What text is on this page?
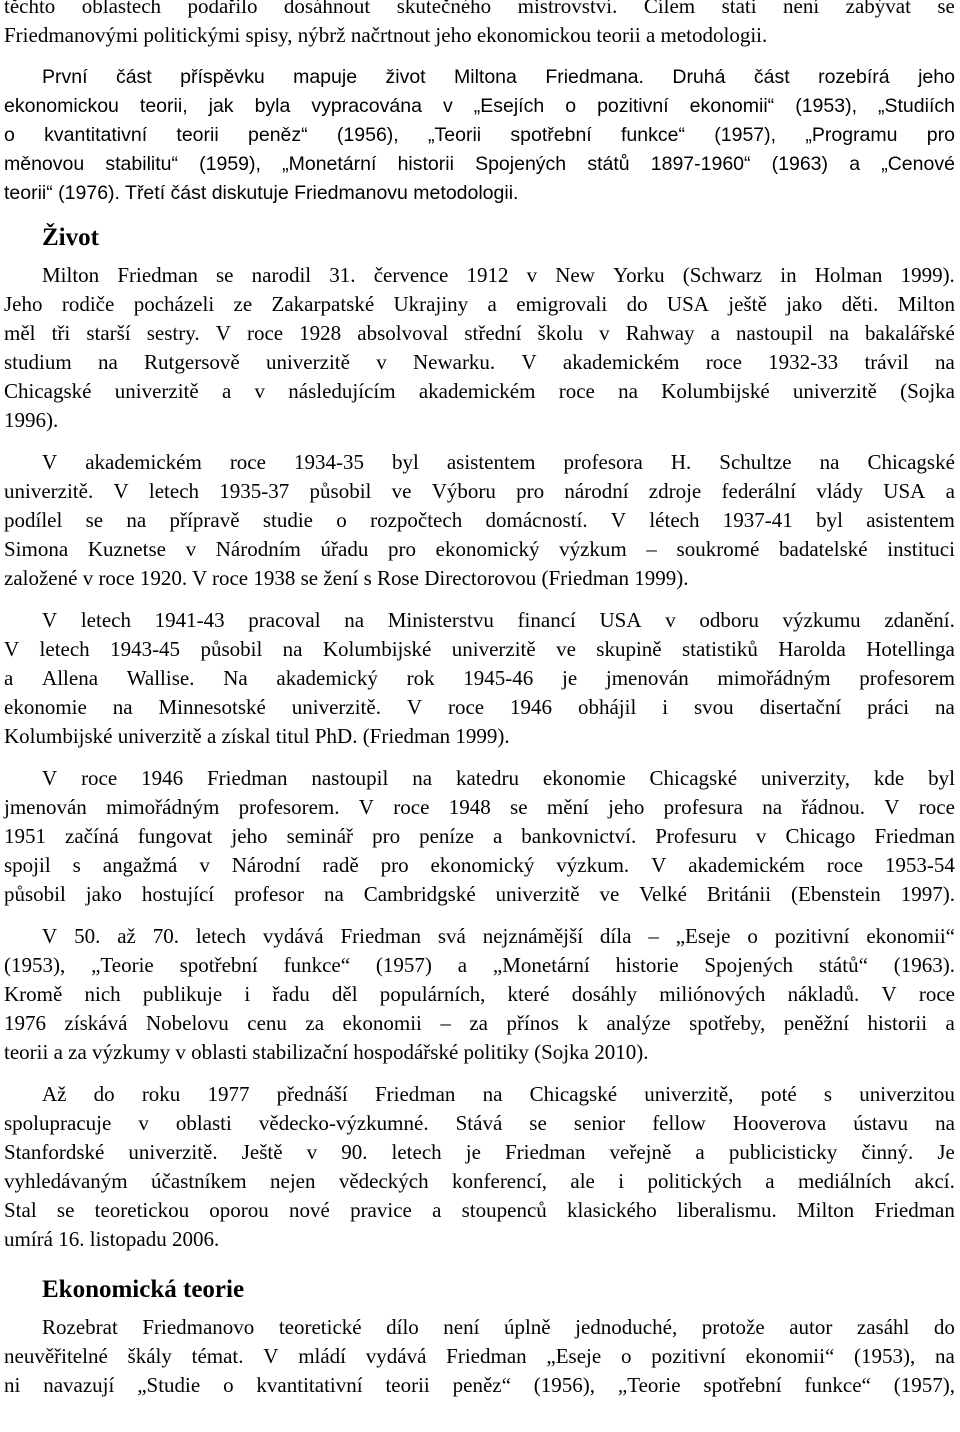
těchto oblastech podařilo dosáhnout skutečného mistrovství. Cílem stati není zabývat se
Friedmanovými politickými spisy, nýbrž načrtnout jeho ekonomickou teorii a metodologii.
První část příspěvku mapuje život Miltona Friedmana. Druhá část rozebírá jeho
ekonomickou teorii, jak byla vypracována v „Esejích o pozitivní ekonomii“ (1953), „Studiích
o kvantitativní teorii peněz“ (1956), „Teorii spotřební funkce“ (1957), „Programu pro
měnovou stabilitu“ (1959), „Monetární historii Spojených států 1897-1960“ (1963) a „Cenové
teorii“ (1976). Třetí část diskutuje Friedmanovu metodologii.
Život
Milton Friedman se narodil 31. července 1912 v New Yorku (Schwarz in Holman 1999).
Jeho rodiče pocházeli ze Zakarpatské Ukrajiny a emigrovali do USA ještě jako děti. Milton
měl tři starší sestry. V roce 1928 absolvoval střední školu v Rahway a nastoupil na bakalářské
studium na Rutgersově univerzitě v Newarku. V akademickém roce 1932-33 trávil na
Chicagské univerzitě a v následujícím akademickém roce na Kolumbijské univerzitě (Sojka
1996).
V akademickém roce 1934-35 byl asistentem profesora H. Schultze na Chicagské
univerzitě. V letech 1935-37 působil ve Výboru pro národní zdroje federální vlády USA a
podílel se na přípravě studie o rozpočtech domácností. V létech 1937-41 byl asistentem
Simona Kuznetse v Národním úřadu pro ekonomický výzkum – soukromé badatelské instituci
založené v roce 1920. V roce 1938 se žení s Rose Directorovou (Friedman 1999).
V letech 1941-43 pracoval na Ministerstvu financí USA v odboru výzkumu zdanění.
V letech 1943-45 působil na Kolumbijské univerzitě ve skupině statistiků Harolda Hotellinga
a Allena Wallise. Na akademický rok 1945-46 je jmenován mimořádným profesorem
ekonomie na Minnesotské univerzitě. V roce 1946 obhájil i svou disertační práci na
Kolumbijské univerzitě a získal titul PhD. (Friedman 1999).
V roce 1946 Friedman nastoupil na katedru ekonomie Chicagské univerzity, kde byl
jmenován mimořádným profesorem. V roce 1948 se mění jeho profesura na řádnou. V roce
1951 začíná fungovat jeho seminář pro peníze a bankovnictví. Profesuru v Chicago Friedman
spojil s angažmá v Národní radě pro ekonomický výzkum. V akademickém roce 1953-54
působil jako hostující profesor na Cambridgské univerzitě ve Velké Británii (Ebenstein 1997).
V 50. až 70. letech vydává Friedman svá nejznámější díla – „Eseje o pozitivní ekonomii“
(1953), „Teorie spotřební funkce“ (1957) a „Monetární historie Spojených států“ (1963).
Kromě nich publikuje i řadu děl populárních, které dosáhly miliónových nákladů. V roce
1976 získává Nobelovu cenu za ekonomii – za přínos k analýze spotřeby, peněžní historii a
teorii a za výzkumy v oblasti stabilizační hospodářské politiky (Sojka 2010).
Až do roku 1977 přednáší Friedman na Chicagské univerzitě, poté s univerzitou
spolupracuje v oblasti vědecko-výzkumné. Stává se senior fellow Hooverova ústavu na
Stanfordské univerzitě. Ještě v 90. letech je Friedman veřejně a publicisticky činný. Je
vyhledávaným účastníkem nejen vědeckých konferencí, ale i politických a mediálních akcí.
Stal se teoretickou oporou nové pravice a stoupenců klasického liberalismu. Milton Friedman
umírá 16. listopadu 2006.
Ekonomická teorie
Rozebrat Friedmanovo teoretické dílo není úplně jednoduché, protože autor zasáhl do
neuvěřitelné škály témat. V mládí vydává Friedman „Eseje o pozitivní ekonomii“ (1953), na
ni navazují „Studie o kvantitativní teorii peněz“ (1956), „Teorie spotřební funkce“ (1957),
